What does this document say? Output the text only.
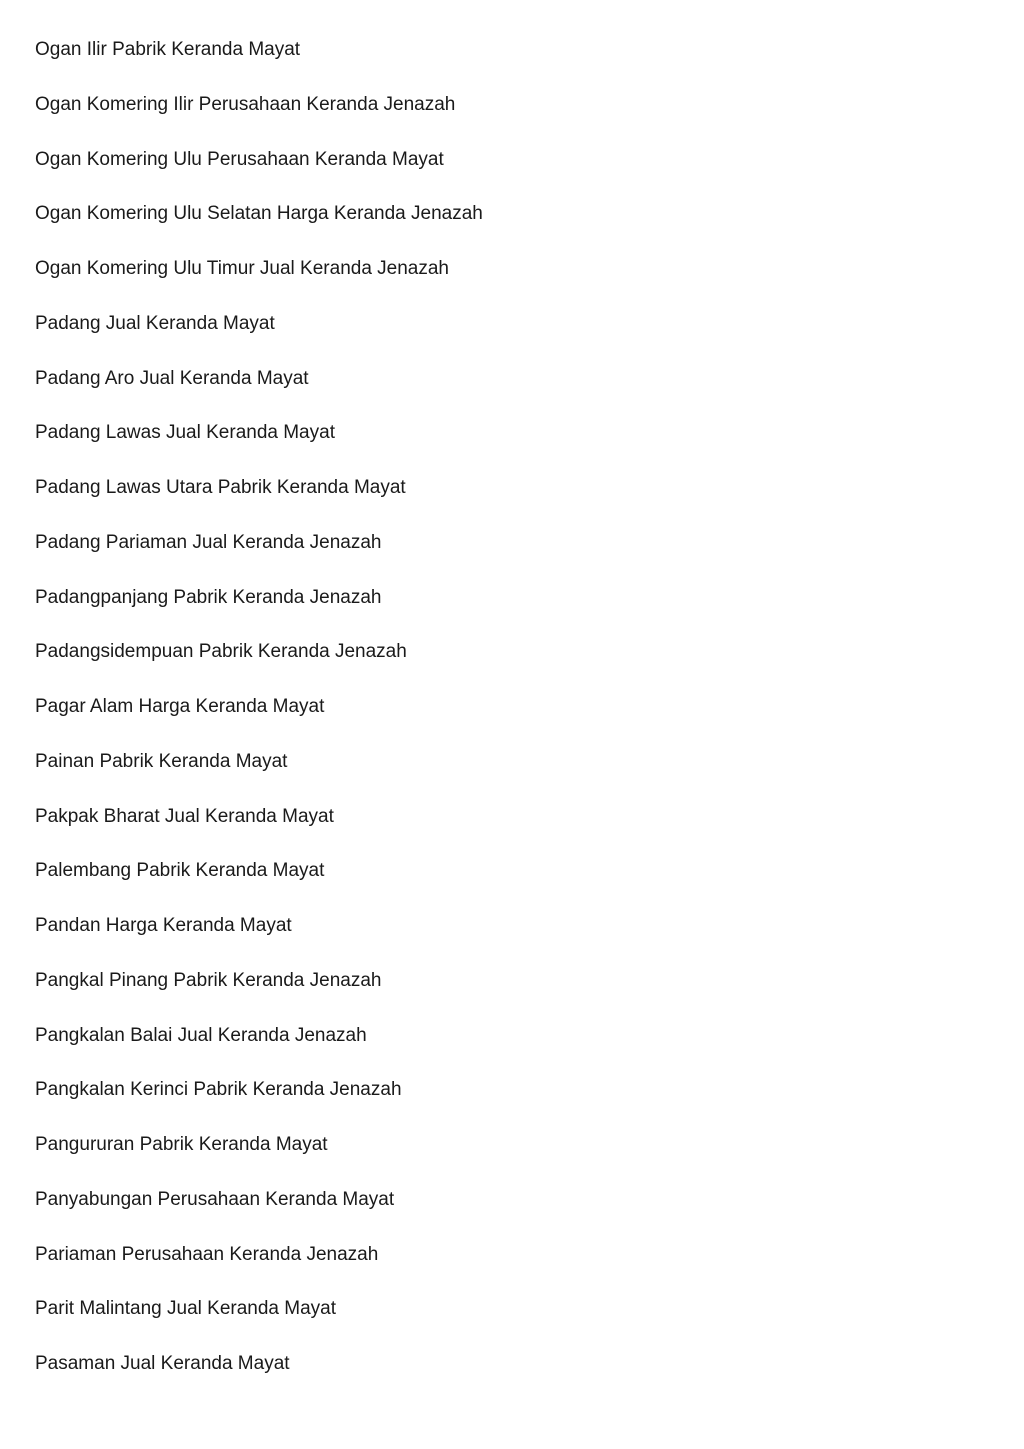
Ogan Ilir Pabrik Keranda Mayat
Ogan Komering Ilir Perusahaan Keranda Jenazah
Ogan Komering Ulu Perusahaan Keranda Mayat
Ogan Komering Ulu Selatan Harga Keranda Jenazah
Ogan Komering Ulu Timur Jual Keranda Jenazah
Padang Jual Keranda Mayat
Padang Aro Jual Keranda Mayat
Padang Lawas Jual Keranda Mayat
Padang Lawas Utara Pabrik Keranda Mayat
Padang Pariaman Jual Keranda Jenazah
Padangpanjang Pabrik Keranda Jenazah
Padangsidempuan Pabrik Keranda Jenazah
Pagar Alam Harga Keranda Mayat
Painan Pabrik Keranda Mayat
Pakpak Bharat Jual Keranda Mayat
Palembang Pabrik Keranda Mayat
Pandan Harga Keranda Mayat
Pangkal Pinang Pabrik Keranda Jenazah
Pangkalan Balai Jual Keranda Jenazah
Pangkalan Kerinci Pabrik Keranda Jenazah
Pangururan Pabrik Keranda Mayat
Panyabungan Perusahaan Keranda Mayat
Pariaman Perusahaan Keranda Jenazah
Parit Malintang Jual Keranda Mayat
Pasaman Jual Keranda Mayat
